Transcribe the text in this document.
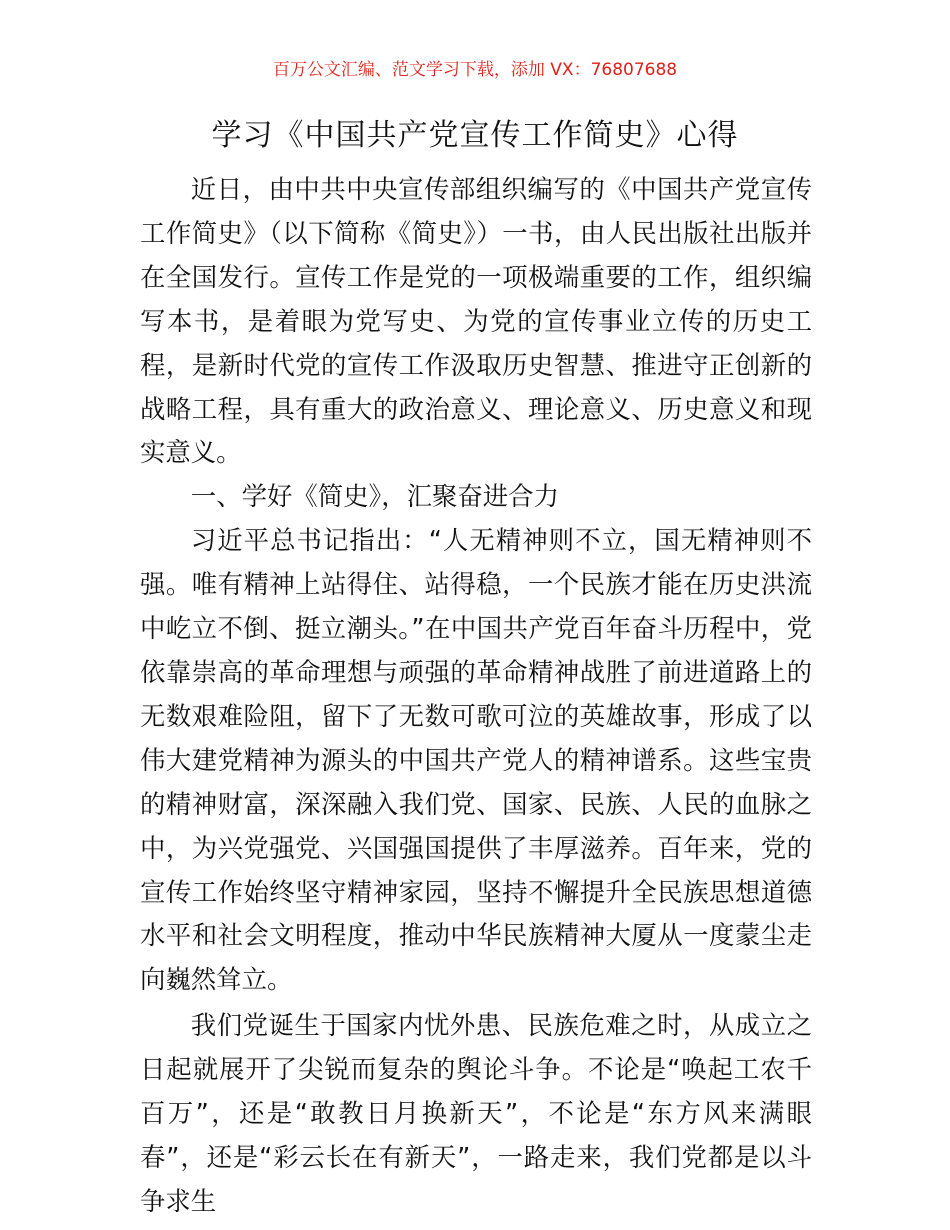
百万公文汇编、范文学习下载，添加 VX：76807688
学习《中国共产党宣传工作简史》心得

近日，由中共中央宣传部组织编写的《中国共产党宣传工作简史》（以下简称《简史》）一书，由人民出版社出版并在全国发行。宣传工作是党的一项极端重要的工作，组织编写本书，是着眼为党写史、为党的宣传事业立传的历史工程，是新时代党的宣传工作汲取历史智慧、推进守正创新的战略工程，具有重大的政治意义、理论意义、历史意义和现实意义。

一、学好《简史》，汇聚奋进合力

习近平总书记指出：“人无精神则不立，国无精神则不强。唯有精神上站得住、站得稳，一个民族才能在历史洪流中屹立不倒、挺立潮头。”在中国共产党百年奋斗历程中，党依靠崇高的革命理想与顽强的革命精神战胜了前进道路上的无数艰难险阻，留下了无数可歌可泣的英雄故事，形成了以伟大建党精神为源头的中国共产党人的精神谱系。这些宝贵的精神财富，深深融入我们党、国家、民族、人民的血脉之中，为兴党强党、兴国强国提供了丰厚滋养。百年来，党的宣传工作始终坚守精神家园，坚持不懈提升全民族思想道德水平和社会文明程度，推动中华民族精神大厦从一度蒙尘走向巍然耸立。

我们党诞生于国家内忧外患、民族危难之时，从成立之日起就展开了尖锐而复杂的舆论斗争。不论是“唤起工农千百万”，还是“敢教日月换新天”，不论是“东方风来满眼春”，还是“彩云长在有新天”，一路走来，我们党都是以斗争求生
